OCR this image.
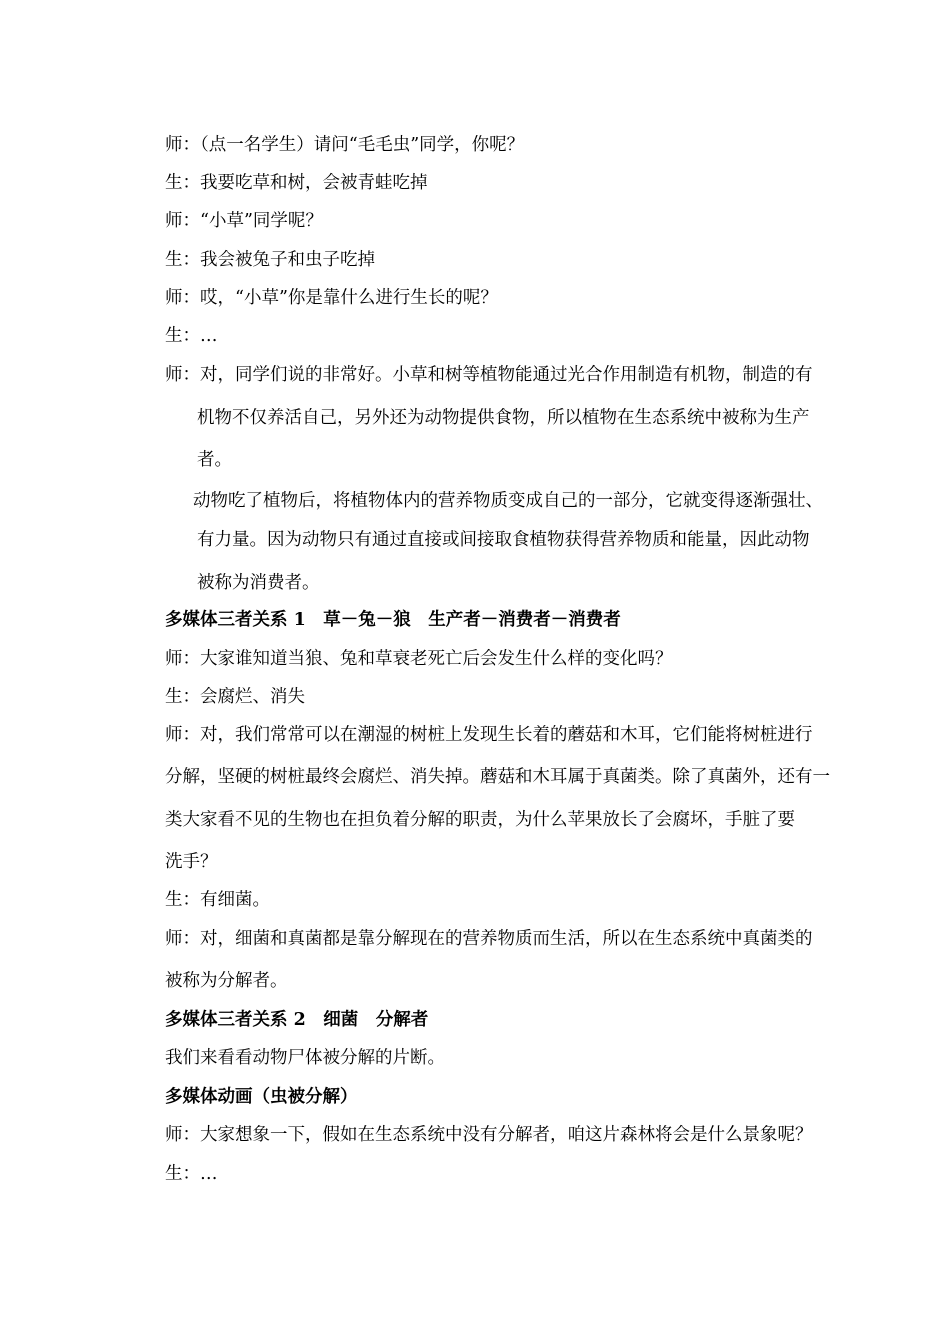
师：（点一名学生）请问“毛毛虫”同学，你呢？
生：我要吃草和树，会被青蛙吃掉
师：“小草”同学呢？
生：我会被兔子和虫子吃掉
师：哎，“小草”你是靠什么进行生长的呢？
生：…
师：对，同学们说的非常好。小草和树等植物能通过光合作用制造有机物，制造的有
机物不仅养活自己，另外还为动物提供食物，所以植物在生态系统中被称为生产
者。
动物吃了植物后，将植物体内的营养物质变成自己的一部分，它就变得逐渐强壮、
有力量。因为动物只有通过直接或间接取食植物获得营养物质和能量，因此动物
被称为消费者。
多媒体三者关系 1　草－兔－狼　生产者－消费者－消费者
师：大家谁知道当狼、兔和草衰老死亡后会发生什么样的变化吗？
生：会腐烂、消失
师：对，我们常常可以在潮湿的树桩上发现生长着的蘑菇和木耳，它们能将树桩进行
分解，坚硬的树桩最终会腐烂、消失掉。蘑菇和木耳属于真菌类。除了真菌外，还有一
类大家看不见的生物也在担负着分解的职责，为什么苹果放长了会腐坏，手脏了要
洗手？
生：有细菌。
师：对，细菌和真菌都是靠分解现在的营养物质而生活，所以在生态系统中真菌类的
被称为分解者。
多媒体三者关系 2　细菌　分解者
我们来看看动物尸体被分解的片断。
多媒体动画（虫被分解）
师：大家想象一下，假如在生态系统中没有分解者，咱这片森林将会是什么景象呢？
生：…
